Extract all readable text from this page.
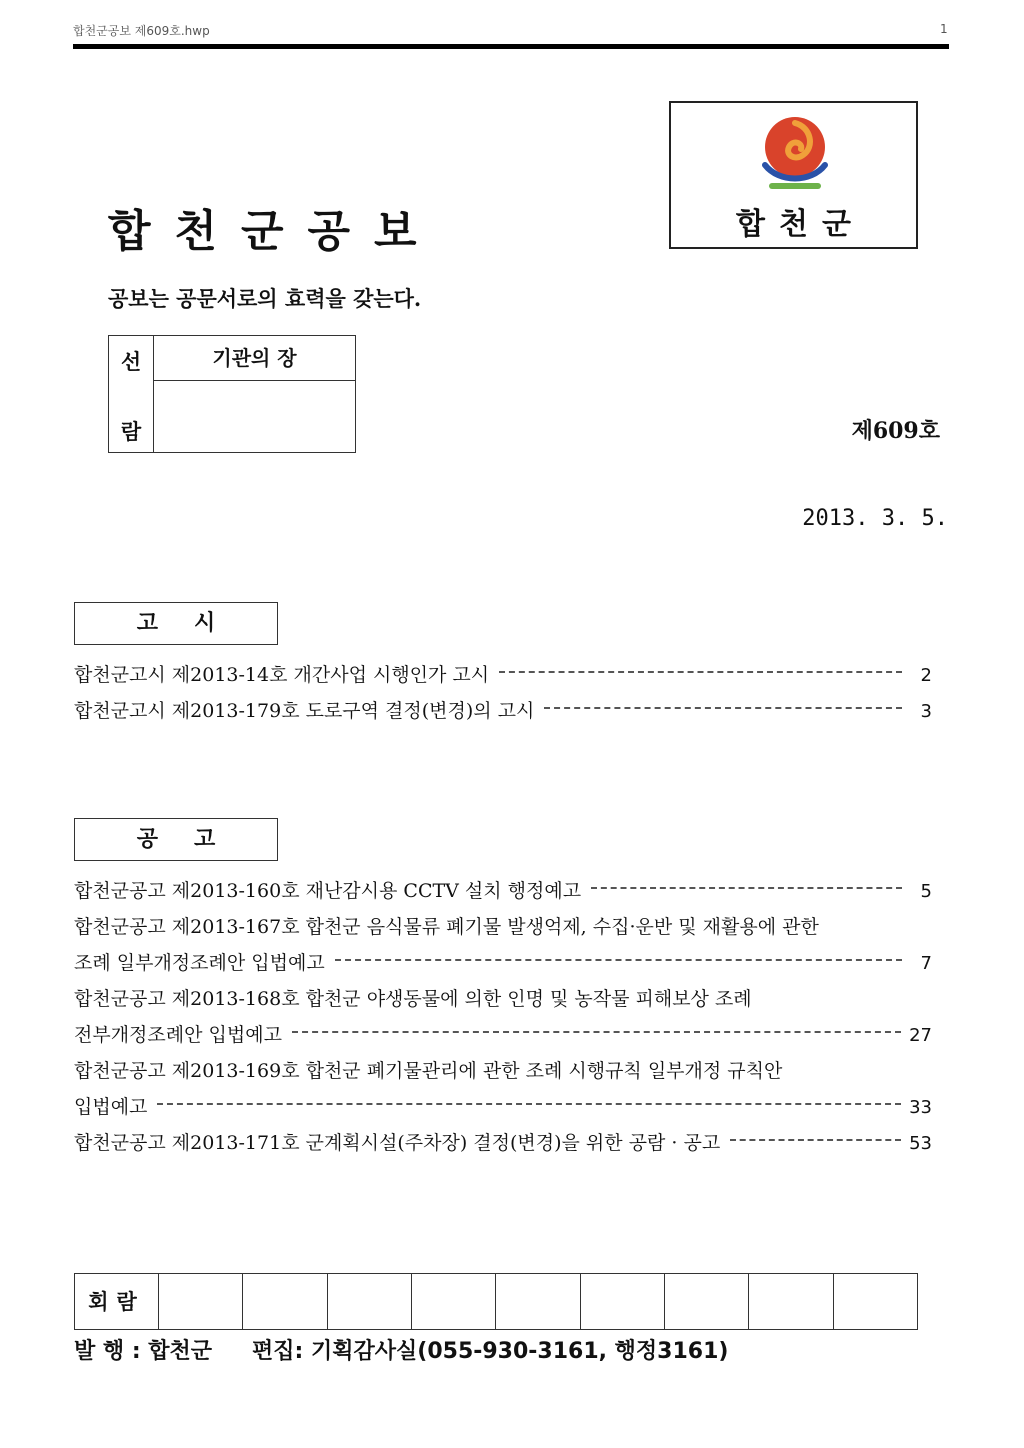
합천군공보 제609호.hwp	1
합천군공보
공보는 공문서로의 효력을 갖는다.
합천군
선
람
기관의 장
제609호
2013. 3. 5.
고시
합천군고시 제2013-14호 개간사업 시행인가 고시	2
합천군고시 제2013-179호 도로구역 결정(변경)의 고시	3
공고
합천군공고 제2013-160호 재난감시용 CCTV 설치 행정예고	5
합천군공고 제2013-167호 합천군 음식물류 폐기물 발생억제, 수집·운반 및 재활용에 관한
조례 일부개정조례안 입법예고	7
합천군공고 제2013-168호 합천군 야생동물에 의한 인명 및 농작물 피해보상 조례
전부개정조례안 입법예고	27
합천군공고 제2013-169호 합천군 폐기물관리에 관한 조례 시행규칙 일부개정 규칙안
입법예고	33
합천군공고 제2013-171호 군계획시설(주차장) 결정(변경)을 위한 공람 · 공고	53
회람
발 행 : 합천군 편집: 기획감사실(055-930-3161, 행정3161)
